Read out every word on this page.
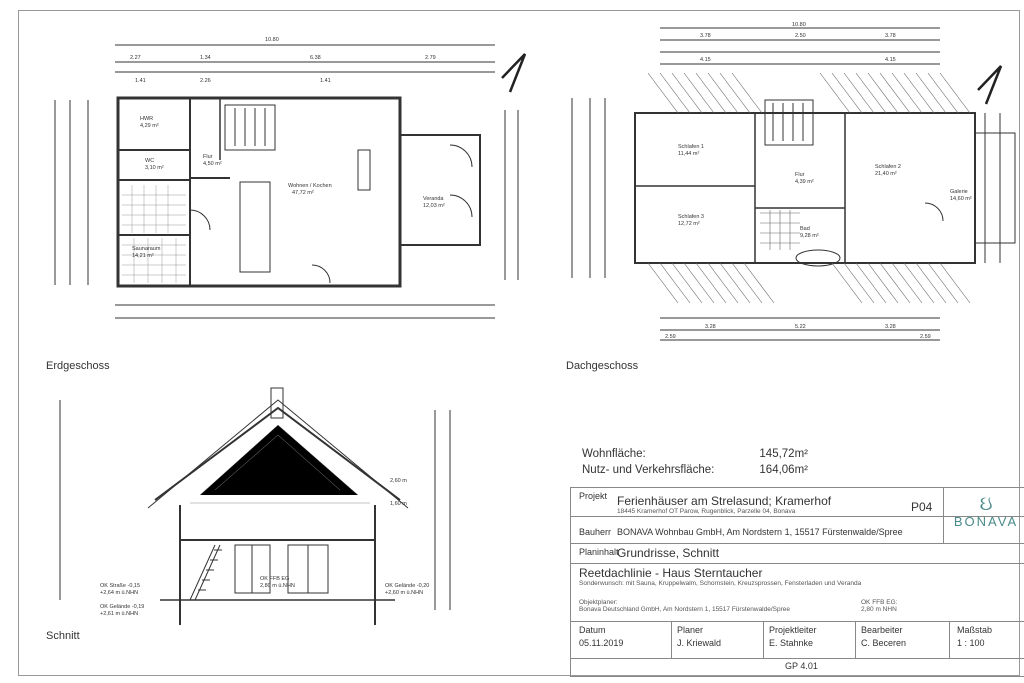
HWR
4,29 m²
Flur
4,50 m²
WC
3,10 m²
Saunaraum
14,21 m²
Wohnen / Kochen
47,72 m²
Veranda
12,03 m²
10.80
2.27	1.34	6.38	2.79
1.41	2.26	1.41
Schlafen 1
11,44 m²
Flur
4,39 m²
Schlafen 2
21,40 m²
Schlafen 3
12,72 m²
Bad
9,28 m²
Galerie
14,60 m²
10.80
3.78	2.50	3.78
4.15	4.15
3.28	5.22	3.28
2.59	2.59
OK Straße -0,15
+2,64 m ü.NHN
OK Gelände -0,19
+2,61 m ü.NHN
OK Gelände -0,20
+2,60 m ü.NHN
2,60 m
1,60 m
OK FFB EG
2,80 m ü.NHN
Erdgeschoss	Dachgeschoss
Schnitt
Wohnfläche:	145,72m²
Nutz- und Verkehrsfläche:	164,06m²
Projekt Ferienhäuser am Strelasund; Kramerhof
18445 Kramerhof OT Parow, Rugenblick, Parzelle 04, Bonava	P04	ઇ
BONAVA
Bauherr BONAVA Wohnbau GmbH, Am Nordstern 1, 15517 Fürstenwalde/Spree
Planinhalt
Grundrisse, Schnitt
Reetdachlinie - Haus Sterntaucher
Sonderwunsch: mit Sauna, Kruppelwalm, Schornstein, Kreuzsprossen, Fensterladen und Veranda
Objektplaner:
Bonava Deutschland GmbH, Am Nordstern 1, 15517 Fürstenwalde/Spree
OK FFB EG:
2,80 m NHN
Datum
05.11.2019
Planer
J. Kriewald
Projektleiter
E. Stahnke
Bearbeiter
C. Beceren
Maßstab
1 : 100
GP 4.01
